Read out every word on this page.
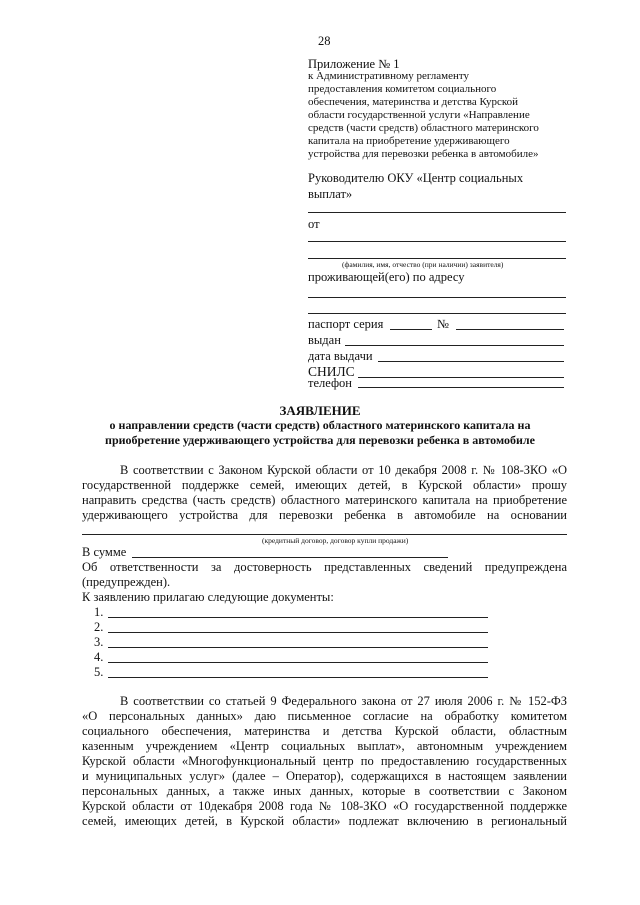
28
Приложение № 1
к Административному регламенту
предоставления комитетом социального
обеспечения, материнства и детства Курской
области государственной услуги «Направление
средств (части средств) областного материнского
капитала на приобретение удерживающего
устройства для перевозки ребенка в автомобиле»
Руководителю ОКУ «Центр социальных
выплат»
от
(фамилия, имя, отчество (при наличии) заявителя)
проживающей(его) по адресу
паспорт серия	№
выдан
дата выдачи
СНИЛС
телефон
ЗАЯВЛЕНИЕ
о направлении средств (части средств) областного материнского капитала на
приобретение удерживающего устройства для перевозки ребенка в автомобиле
В соответствии с Законом Курской области от 10 декабря 2008 г. № 108-ЗКО «О
государственной поддержке семей, имеющих детей, в Курской области» прошу
направить средства (часть средств) областного материнского капитала на приобретение
удерживающего устройства для перевозки ребенка в автомобиле на основании
(кредитный договор, договор купли продажи)
В сумме
Об ответственности за достоверность представленных сведений предупреждена
(предупрежден).
К заявлению прилагаю следующие документы:
1.
2.
3.
4.
5.
В соответствии со статьей 9 Федерального закона от 27 июля 2006 г. № 152-ФЗ
«О персональных данных» даю письменное согласие на обработку комитетом
социального обеспечения, материнства и детства Курской области, областным
казенным учреждением «Центр социальных выплат», автономным учреждением
Курской области «Многофункциональный центр по предоставлению государственных
и муниципальных услуг» (далее – Оператор), содержащихся в настоящем заявлении
персональных данных, а также иных данных, которые в соответствии с Законом
Курской области от 10декабря 2008 года № 108-ЗКО «О государственной поддержке
семей, имеющих детей, в Курской области» подлежат включению в региональный
